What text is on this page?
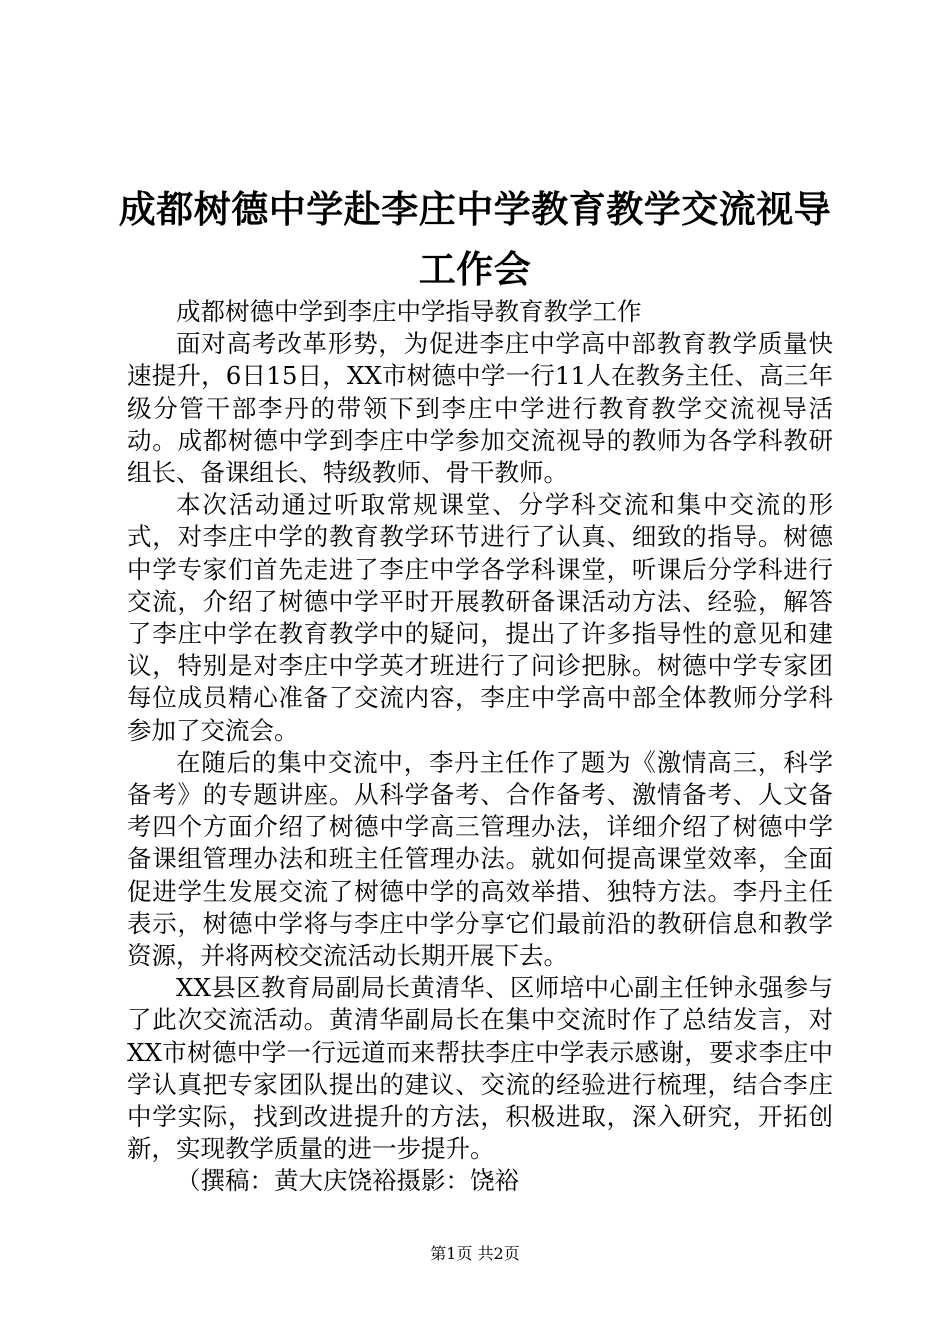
成都树德中学赴李庄中学教育教学交流视导工作会

成都树德中学到李庄中学指导教育教学工作

面对高考改革形势，为促进李庄中学高中部教育教学质量快速提升，6日15日，XX市树德中学一行11人在教务主任、高三年级分管干部李丹的带领下到李庄中学进行教育教学交流视导活动。成都树德中学到李庄中学参加交流视导的教师为各学科教研组长、备课组长、特级教师、骨干教师。

本次活动通过听取常规课堂、分学科交流和集中交流的形式，对李庄中学的教育教学环节进行了认真、细致的指导。树德中学专家们首先走进了李庄中学各学科课堂，听课后分学科进行交流，介绍了树德中学平时开展教研备课活动方法、经验，解答了李庄中学在教育教学中的疑问，提出了许多指导性的意见和建议，特别是对李庄中学英才班进行了问诊把脉。树德中学专家团每位成员精心准备了交流内容，李庄中学高中部全体教师分学科参加了交流会。

在随后的集中交流中，李丹主任作了题为《激情高三，科学备考》的专题讲座。从科学备考、合作备考、激情备考、人文备考四个方面介绍了树德中学高三管理办法，详细介绍了树德中学备课组管理办法和班主任管理办法。就如何提高课堂效率，全面促进学生发展交流了树德中学的高效举措、独特方法。李丹主任表示，树德中学将与李庄中学分享它们最前沿的教研信息和教学资源，并将两校交流活动长期开展下去。

XX县区教育局副局长黄清华、区师培中心副主任钟永强参与了此次交流活动。黄清华副局长在集中交流时作了总结发言，对XX市树德中学一行远道而来帮扶李庄中学表示感谢，要求李庄中学认真把专家团队提出的建议、交流的经验进行梳理，结合李庄中学实际，找到改进提升的方法，积极进取，深入研究，开拓创新，实现教学质量的进一步提升。

（撰稿：黄大庆饶裕摄影：饶裕

第1页 共2页
